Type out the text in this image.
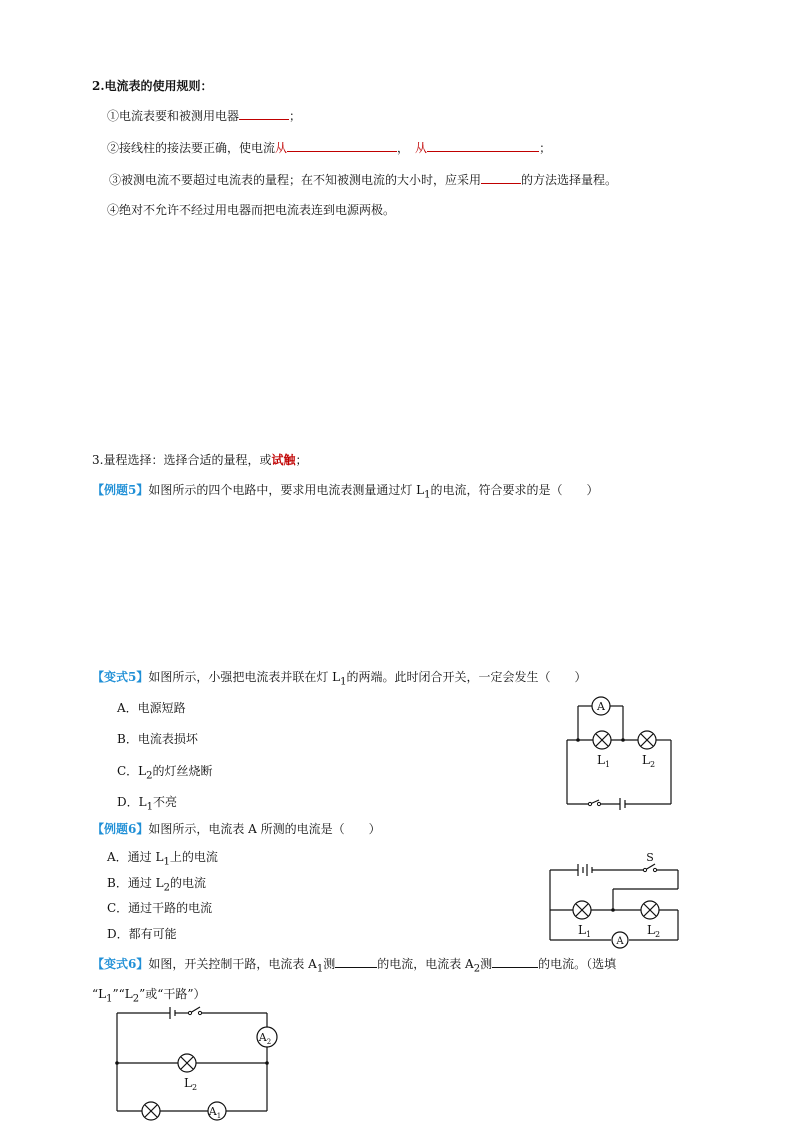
2.电流表的使用规则：
①电流表要和被测用电器	；
②接线柱的接法要正确，使电流从	， 从	；
③被测电流不要超过电流表的量程；在不知被测电流的大小时，应采用	的方法选择量程。
④绝对不允许不经过用电器而把电流表连到电源两极。
3.量程选择：选择合适的量程，或试触；
【例题5】如图所示的四个电路中，要求用电流表测量通过灯 $L_1$的电流，符合要求的是（　　）
【变式5】如图所示，小强把电流表并联在灯 $L_1$的两端。此时闭合开关，一定会发生（　　）
A．电源短路
B．电流表损坏
C．$L_2$的灯丝烧断
D．$L_1$不亮
A
$L_1$	$L_2$
【例题6】如图所示，电流表 A 所测的电流是（　　）
A．通过 $L_1$上的电流
B．通过 $L_2$的电流
C．通过干路的电流
D．都有可能
S
A
$L_1$	$L_2$
【变式6】如图，开关控制干路，电流表 $A_1$测	的电流，电流表 $A_2$测	的电流。（选填
“$L_1”“L_2$”或“干路”）
$A_2$
$L_2$
$A_1$
